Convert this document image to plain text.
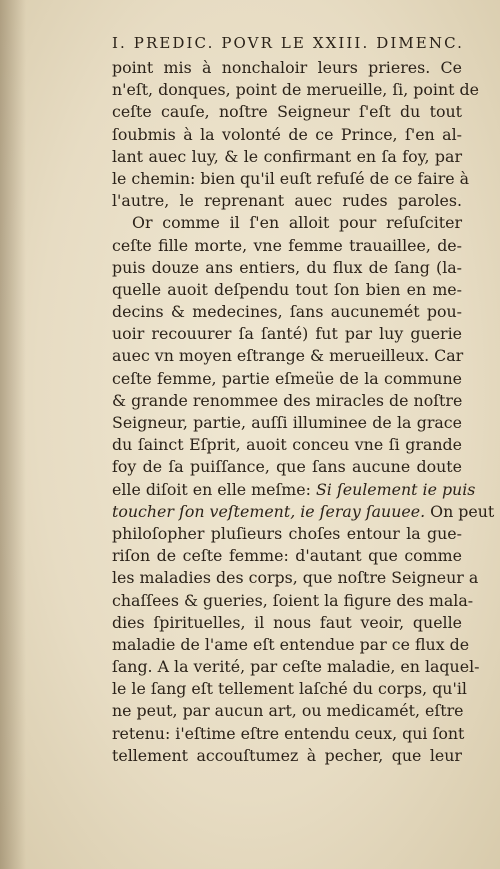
I. PREDIC. POVR LE XXIII. DIMENC.
point mis à nonchaloir leurs prieres. Ce
n'eſt, donques, point de merueille, ſi, point de
ceſte cauſe, noſtre Seigneur ſ'eſt du tout
ſoubmis à la volonté de ce Prince, ſ'en al-
lant auec luy, & le confirmant en ſa foy, par
le chemin: bien qu'il euſt refuſé de ce faire à
l'autre, le reprenant auec rudes paroles.
Or comme il ſ'en alloit pour reſuſciter
ceſte fille morte, vne femme trauaillee, de-
puis douze ans entiers, du flux de ſang (la-
quelle auoit deſpendu tout ſon bien en me-
decins & medecines, ſans aucunemét pou-
uoir recouurer ſa ſanté) fut par luy guerie
auec vn moyen eſtrange & merueilleux. Car
ceſte femme, partie eſmeüe de la commune
& grande renommee des miracles de noſtre
Seigneur, partie, auſſi illuminee de la grace
du ſainct Eſprit, auoit conceu vne ſi grande
foy de ſa puiſſance, que ſans aucune doute
elle diſoit en elle meſme: Si ſeulement ie puis
toucher ſon veſtement, ie ſeray ſauuee. On peut
philoſopher pluſieurs choſes entour la gue-
riſon de ceſte femme: d'autant que comme
les maladies des corps, que noſtre Seigneur a
chaſſees & gueries, ſoient la figure des mala-
dies ſpirituelles, il nous faut veoir, quelle
maladie de l'ame eſt entendue par ce flux de
ſang. A la verité, par ceſte maladie, en laquel-
le le ſang eſt tellement laſché du corps, qu'il
ne peut, par aucun art, ou medicamét, eſtre
retenu: i'eſtime eſtre entendu ceux, qui ſont
tellement accouſtumez à pecher, que leur
